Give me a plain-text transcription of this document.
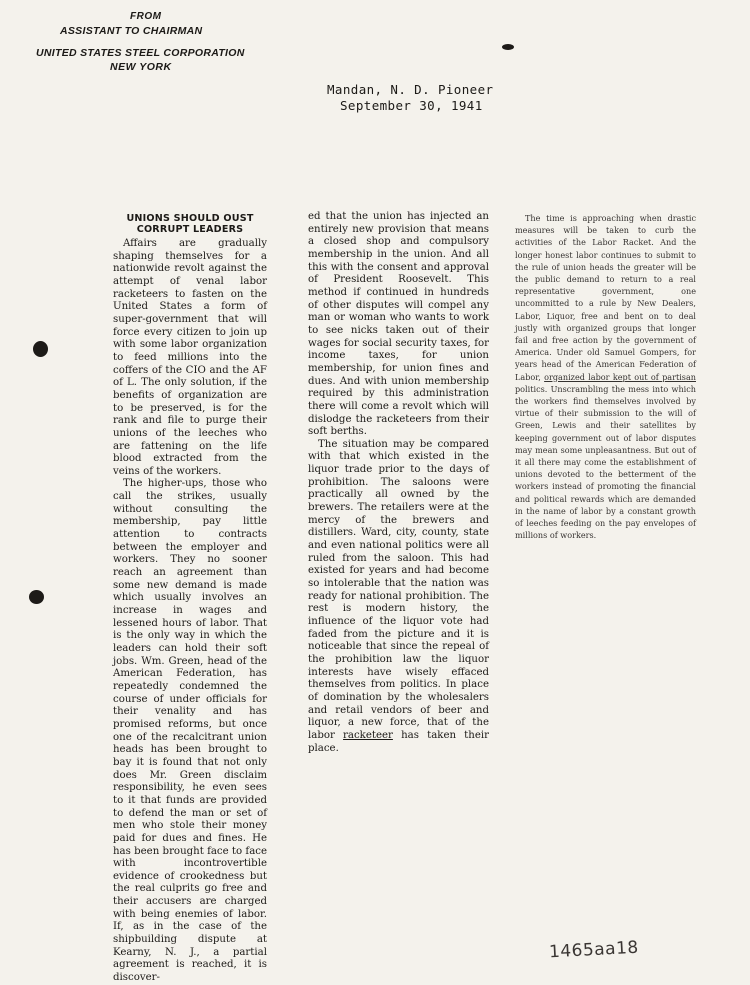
FROM
ASSISTANT TO CHAIRMAN
UNITED STATES STEEL CORPORATION
NEW YORK
Mandan, N. D. Pioneer
September 30, 1941
UNIONS SHOULD OUST
CORRUPT LEADERS

Affairs are gradually shaping themselves for a nationwide revolt against the attempt of venal labor racketeers to fasten on the United States a form of super-government that will force every citizen to join up with some labor organization to feed millions into the coffers of the CIO and the AF of L. The only solution, if the benefits of organization are to be preserved, is for the rank and file to purge their unions of the leeches who are fattening on the life blood extracted from the veins of the workers.

The higher-ups, those who call the strikes, usually without consulting the membership, pay little attention to contracts between the employer and workers. They no sooner reach an agreement than some new demand is made which usually involves an increase in wages and lessened hours of labor. That is the only way in which the leaders can hold their soft jobs. Wm. Green, head of the American Federation, has repeatedly condemned the course of under officials for their venality and has promised reforms, but once one of the recalcitrant union heads has been brought to bay it is found that not only does Mr. Green disclaim responsibility, he even sees to it that funds are provided to defend the man or set of men who stole their money paid for dues and fines. He has been brought face to face with incontrovertible evidence of crookedness but the real culprits go free and their accusers are charged with being enemies of labor. If, as in the case of the shipbuilding dispute at Kearny, N. J., a partial agreement is reached, it is discover-

ed that the union has injected an entirely new provision that means a closed shop and compulsory membership in the union. And all this with the consent and approval of President Roosevelt. This method if continued in hundreds of other disputes will compel any man or woman who wants to work to see nicks taken out of their wages for social security taxes, for income taxes, for union membership, for union fines and dues. And with union membership required by this administration there will come a revolt which will dislodge the racketeers from their soft berths.

The situation may be compared with that which existed in the liquor trade prior to the days of prohibition. The saloons were practically all owned by the brewers. The retailers were at the mercy of the brewers and distillers. Ward, city, county, state and even national politics were all ruled from the saloon. This had existed for years and had become so intolerable that the nation was ready for national prohibition. The rest is modern history, the influence of the liquor vote had faded from the picture and it is noticeable that since the repeal of the prohibition law the liquor interests have wisely effaced themselves from politics. In place of domination by the wholesalers and retail vendors of beer and liquor, a new force, that of the labor racketeer has taken their place.

The time is approaching when drastic measures will be taken to curb the activities of the Labor Racket. And the longer honest labor continues to submit to the rule of union heads the greater will be the public demand to return to a real representative government, one uncommitted to a rule by New Dealers, Labor, Liquor, free and bent on to deal justly with organized groups that longer fail and free action by the government of America. Under old Samuel Gompers, for years head of the American Federation of Labor, organized labor kept out of partisan politics. Unscrambling the mess into which the workers find themselves involved by virtue of their submission to the will of Green, Lewis and their satellites by keeping government out of labor disputes may mean some unpleasantness. But out of it all there may come the establishment of unions devoted to the betterment of the workers instead of promoting the financial and political rewards which are demanded in the name of labor by a constant growth of leeches feeding on the pay envelopes of millions of workers.

1465aa18
